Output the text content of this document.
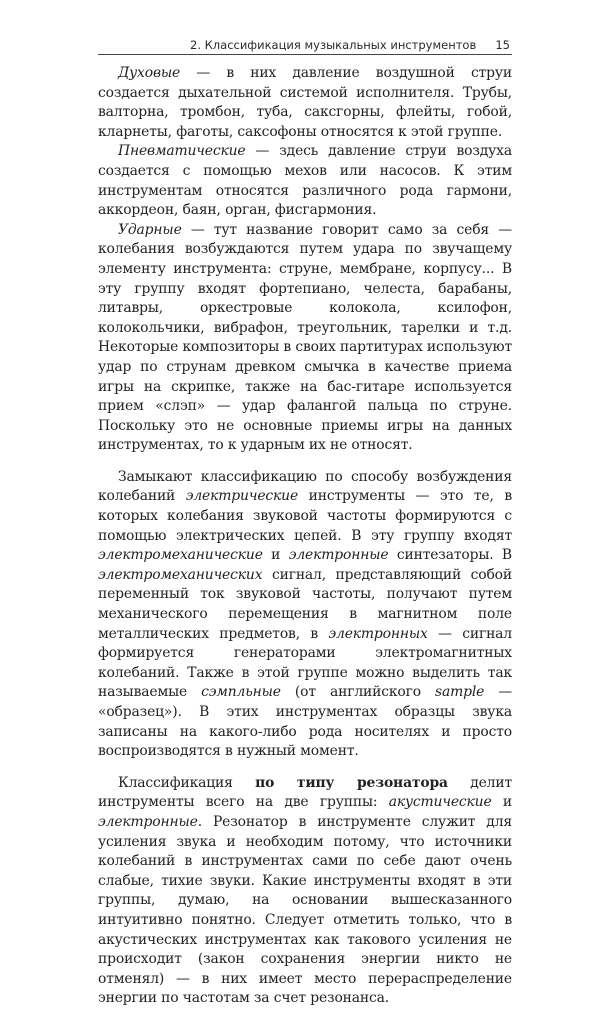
2. Классификация музыкальных инструментов 15

Духовые — в них давление воздушной струи создается дыхательной системой исполнителя. Трубы, валторна, тромбон, туба, саксгорны, флейты, гобой, кларнеты, фаготы, саксофоны относятся к этой группе.

Пневматические — здесь давление струи воздуха создается с помощью мехов или насосов. К этим инструментам относятся различного рода гармони, аккордеон, баян, орган, фисгармония.

Ударные — тут название говорит само за себя — колебания возбуждаются путем удара по звучащему элементу инструмента: струне, мембране, корпусу... В эту группу входят фортепиано, челеста, барабаны, литавры, оркестровые колокола, ксилофон, колокольчики, вибрафон, треугольник, тарелки и т.д. Некоторые композиторы в своих партитурах используют удар по струнам древком смычка в качестве приема игры на скрипке, также на бас-гитаре используется прием «слэп» — удар фалангой пальца по струне. Поскольку это не основные приемы игры на данных инструментах, то к ударным их не относят.

Замыкают классификацию по способу возбуждения колебаний электрические инструменты — это те, в которых колебания звуковой частоты формируются с помощью электрических цепей. В эту группу входят электромеханические и электронные синтезаторы. В электромеханических сигнал, представляющий собой переменный ток звуковой частоты, получают путем механического перемещения в магнитном поле металлических предметов, в электронных — сигнал формируется генераторами электромагнитных колебаний. Также в этой группе можно выделить так называемые сэмпльные (от английского sample — «образец»). В этих инструментах образцы звука записаны на какого-либо рода носителях и просто воспроизводятся в нужный момент.

Классификация по типу резонатора делит инструменты всего на две группы: акустические и электронные. Резонатор в инструменте служит для усиления звука и необходим потому, что источники колебаний в инструментах сами по себе дают очень слабые, тихие звуки. Какие инструменты входят в эти группы, думаю, на основании вышесказанного интуитивно понятно. Следует отметить только, что в акустических инструментах как такового усиления не происходит (закон сохранения энергии никто не отменял) — в них имеет место перераспределение энергии по частотам за счет резонанса.
